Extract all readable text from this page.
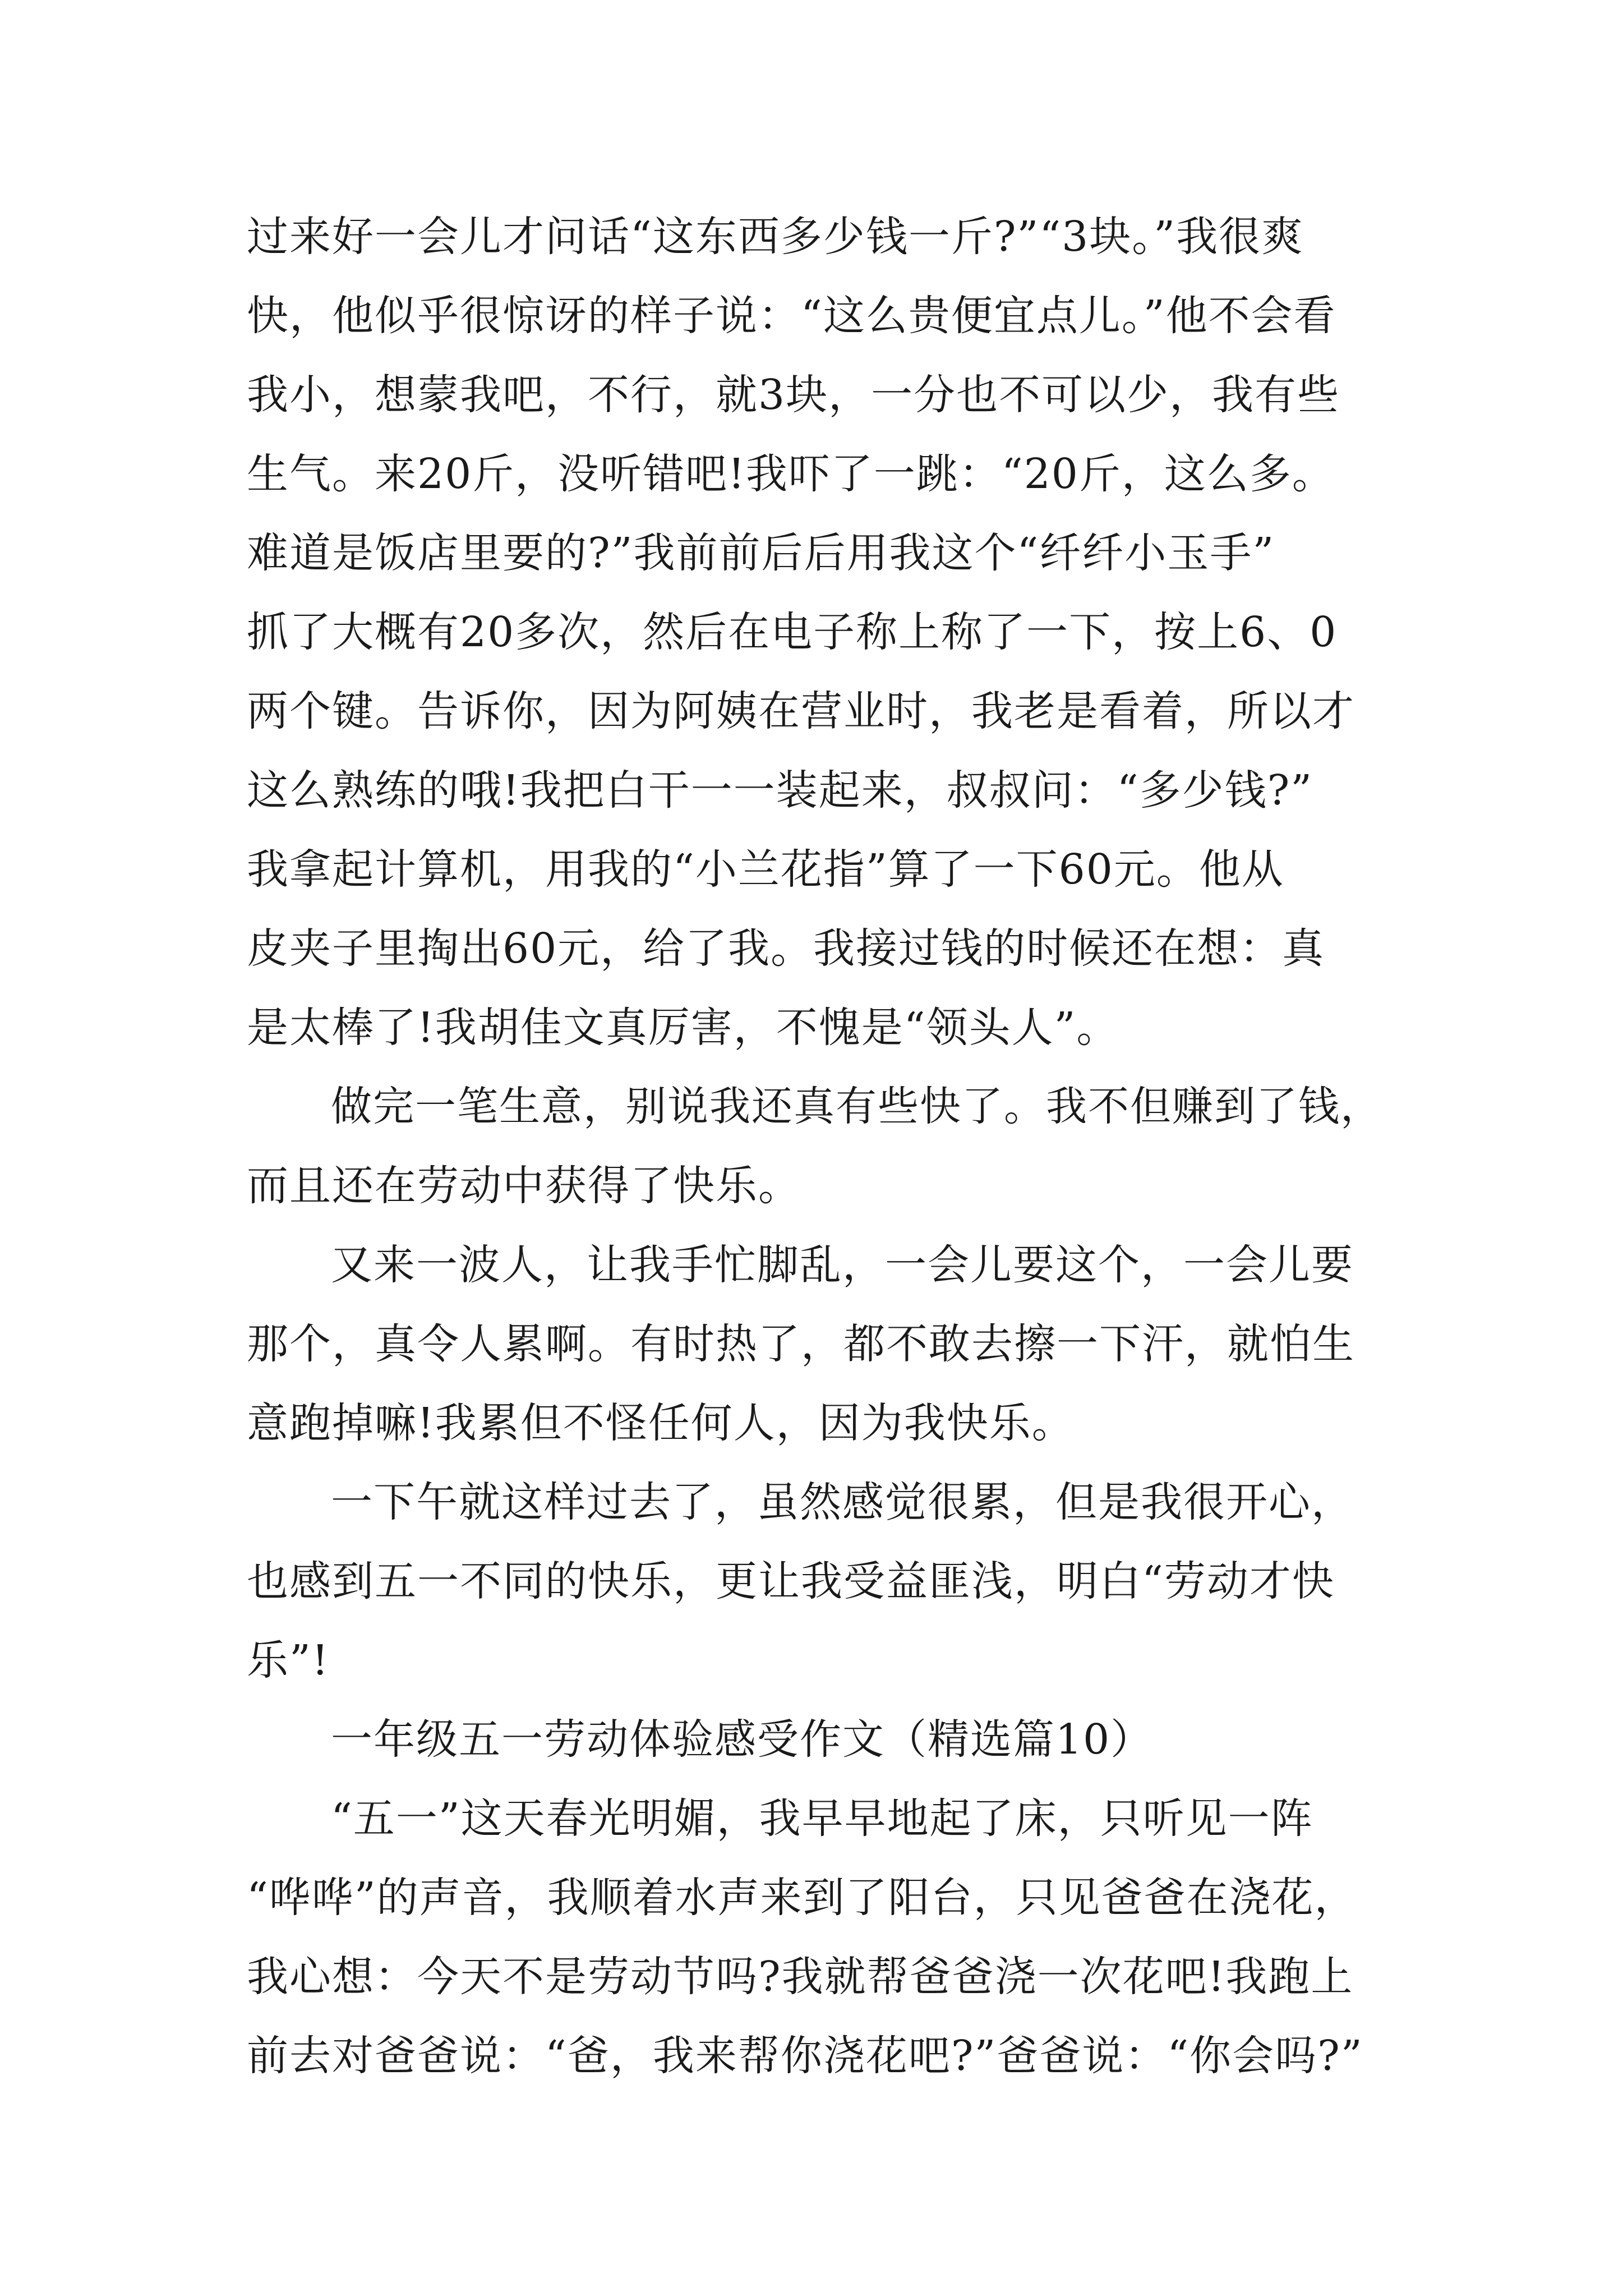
过来好一会儿才问话“这东西多少钱一斤?”“3块。”我很爽
快，他似乎很惊讶的样子说：“这么贵便宜点儿。”他不会看
我小，想蒙我吧，不行，就3块，一分也不可以少，我有些
生气。来20斤，没听错吧!我吓了一跳：“20斤，这么多。
难道是饭店里要的?”我前前后后用我这个“纤纤小玉手”
抓了大概有20多次，然后在电子称上称了一下，按上6、0
两个键。告诉你，因为阿姨在营业时，我老是看着，所以才
这么熟练的哦!我把白干一一装起来，叔叔问：“多少钱?”
我拿起计算机，用我的“小兰花指”算了一下60元。他从
皮夹子里掏出60元，给了我。我接过钱的时候还在想：真
是太棒了!我胡佳文真厉害，不愧是“领头人”。
做完一笔生意，别说我还真有些快了。我不但赚到了钱，
而且还在劳动中获得了快乐。
又来一波人，让我手忙脚乱，一会儿要这个，一会儿要
那个，真令人累啊。有时热了，都不敢去擦一下汗，就怕生
意跑掉嘛!我累但不怪任何人，因为我快乐。
一下午就这样过去了，虽然感觉很累，但是我很开心，
也感到五一不同的快乐，更让我受益匪浅，明白“劳动才快
乐”!
一年级五一劳动体验感受作文（精选篇10）
“五一”这天春光明媚，我早早地起了床，只听见一阵
“哗哗”的声音，我顺着水声来到了阳台，只见爸爸在浇花，
我心想：今天不是劳动节吗?我就帮爸爸浇一次花吧!我跑上
前去对爸爸说：“爸，我来帮你浇花吧?”爸爸说：“你会吗?”
